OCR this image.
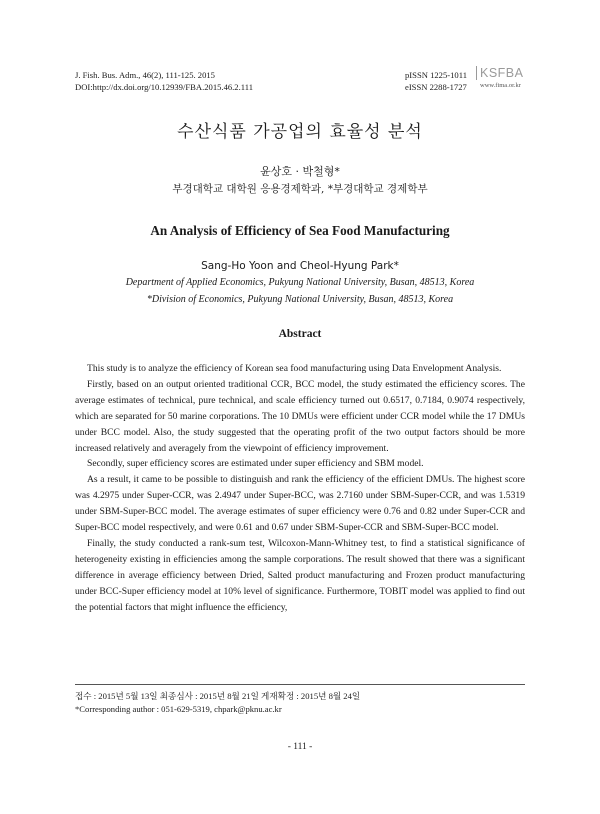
J. Fish. Bus. Adm., 46(2), 111-125. 2015
DOI:http://dx.doi.org/10.12939/FBA.2015.46.2.111
pISSN 1225-1011
eISSN 2288-1727
KSFBA
www.fima.or.kr
수산식품 가공업의 효율성 분석
윤상호 · 박철형*
부경대학교 대학원 응용경제학과, *부경대학교 경제학부
An Analysis of Efficiency of Sea Food Manufacturing
Sang-Ho Yoon and Cheol-Hyung Park*
Department of Applied Economics, Pukyung National University, Busan, 48513, Korea
*Division of Economics, Pukyung National University, Busan, 48513, Korea
Abstract

This study is to analyze the efficiency of Korean sea food manufacturing using Data Envelopment Analysis.

Firstly, based on an output oriented traditional CCR, BCC model, the study estimated the efficiency scores. The average estimates of technical, pure technical, and scale efficiency turned out 0.6517, 0.7184, 0.9074 respectively, which are separated for 50 marine corporations. The 10 DMUs were efficient under CCR model while the 17 DMUs under BCC model. Also, the study suggested that the operating profit of the two output factors should be more increased relatively and averagely from the viewpoint of efficiency improvement.

Secondly, super efficiency scores are estimated under super efficiency and SBM model.

As a result, it came to be possible to distinguish and rank the efficiency of the efficient DMUs. The highest score was 4.2975 under Super-CCR, was 2.4947 under Super-BCC, was 2.7160 under SBM-Super-CCR, and was 1.5319 under SBM-Super-BCC model. The average estimates of super efficiency were 0.76 and 0.82 under Super-CCR and Super-BCC model respectively, and were 0.61 and 0.67 under SBM-Super-CCR and SBM-Super-BCC model.

Finally, the study conducted a rank-sum test, Wilcoxon-Mann-Whitney test, to find a statistical significance of heterogeneity existing in efficiencies among the sample corporations. The result showed that there was a significant difference in average efficiency between Dried, Salted product manufacturing and Frozen product manufacturing under BCC-Super efficiency model at 10% level of significance. Furthermore, TOBIT model was applied to find out the potential factors that might influence the efficiency,

접수 : 2015년 5월 13일 최종심사 : 2015년 8월 21일 게재확정 : 2015년 8월 24일
*Corresponding author : 051-629-5319, chpark@pknu.ac.kr
- 111 -
